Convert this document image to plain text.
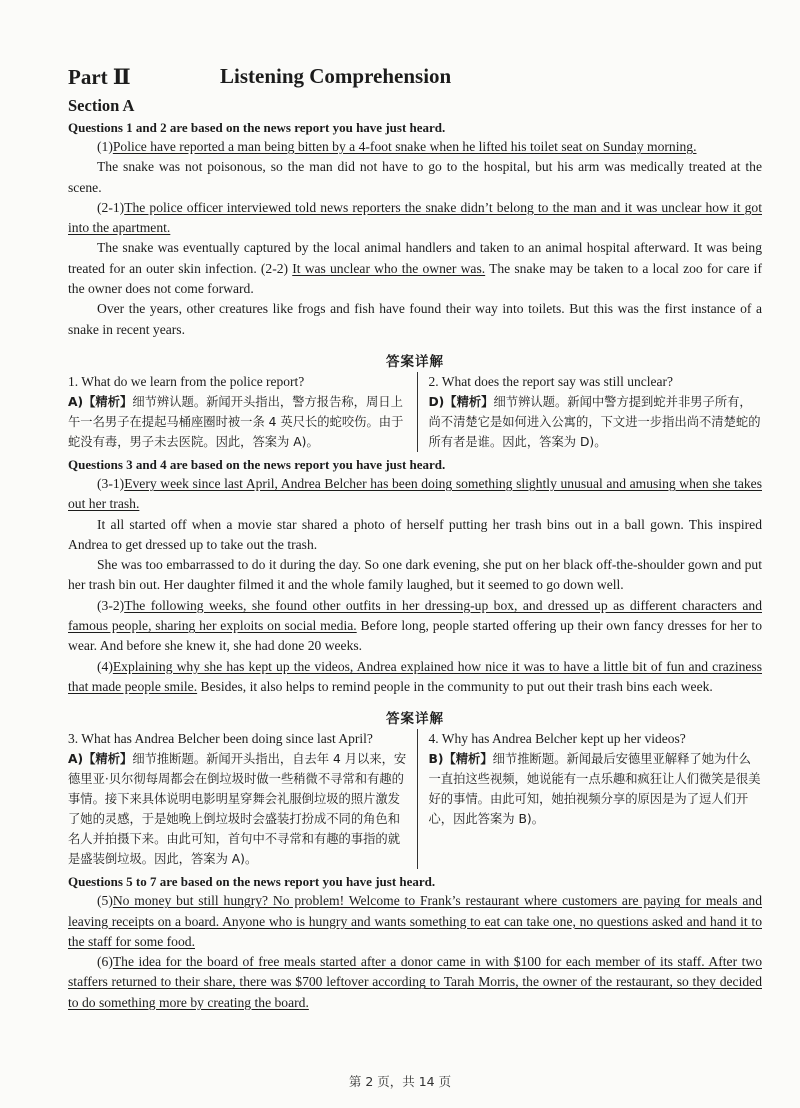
Part Ⅱ	Listening Comprehension
Section A
Questions 1 and 2 are based on the news report you have just heard.

(1)Police have reported a man being bitten by a 4-foot snake when he lifted his toilet seat on Sunday morning.

The snake was not poisonous, so the man did not have to go to the hospital, but his arm was medically treated at the scene.

(2-1)The police officer interviewed told news reporters the snake didn’t belong to the man and it was unclear how it got into the apartment.

The snake was eventually captured by the local animal handlers and taken to an animal hospital afterward. It was being treated for an outer skin infection. (2-2) It was unclear who the owner was. The snake may be taken to a local zoo for care if the owner does not come forward.

Over the years, other creatures like frogs and fish have found their way into toilets. But this was the first instance of a snake in recent years.

答案详解

1. What do we learn from the police report?

A)【精析】细节辨认题。新闻开头指出，警方报告称，周日上午一名男子在提起马桶座圈时被一条 4 英尺长的蛇咬伤。由于蛇没有毒，男子未去医院。因此，答案为 A)。

2. What does the report say was still unclear?

D)【精析】细节辨认题。新闻中警方提到蛇并非男子所有，尚不清楚它是如何进入公寓的，下文进一步指出尚不清楚蛇的所有者是谁。因此，答案为 D)。

Questions 3 and 4 are based on the news report you have just heard.

(3-1)Every week since last April, Andrea Belcher has been doing something slightly unusual and amusing when she takes out her trash.

It all started off when a movie star shared a photo of herself putting her trash bins out in a ball gown. This inspired Andrea to get dressed up to take out the trash.

She was too embarrassed to do it during the day. So one dark evening, she put on her black off-the-shoulder gown and put her trash bin out. Her daughter filmed it and the whole family laughed, but it seemed to go down well.

(3-2)The following weeks, she found other outfits in her dressing-up box, and dressed up as different characters and famous people, sharing her exploits on social media. Before long, people started offering up their own fancy dresses for her to wear. And before she knew it, she had done 20 weeks.

(4)Explaining why she has kept up the videos, Andrea explained how nice it was to have a little bit of fun and craziness that made people smile. Besides, it also helps to remind people in the community to put out their trash bins each week.

答案详解

3. What has Andrea Belcher been doing since last April?

A)【精析】细节推断题。新闻开头指出，自去年 4 月以来，安德里亚·贝尔彻每周都会在倒垃圾时做一些稍微不寻常和有趣的事情。接下来具体说明电影明星穿舞会礼服倒垃圾的照片激发了她的灵感，于是她晚上倒垃圾时会盛装打扮成不同的角色和名人并拍摄下来。由此可知，首句中不寻常和有趣的事指的就是盛装倒垃圾。因此，答案为 A)。

4. Why has Andrea Belcher kept up her videos?

B)【精析】细节推断题。新闻最后安德里亚解释了她为什么一直拍这些视频，她说能有一点乐趣和疯狂让人们微笑是很美好的事情。由此可知，她拍视频分享的原因是为了逗人们开心，因此答案为 B)。

Questions 5 to 7 are based on the news report you have just heard.

(5)No money but still hungry? No problem! Welcome to Frank’s restaurant where customers are paying for meals and leaving receipts on a board. Anyone who is hungry and wants something to eat can take one, no questions asked and hand it to the staff for some food.

(6)The idea for the board of free meals started after a donor came in with $100 for each member of its staff. After two staffers returned to their share, there was $700 leftover according to Tarah Morris, the owner of the restaurant, so they decided to do something more by creating the board.

第 2 页，共 14 页
